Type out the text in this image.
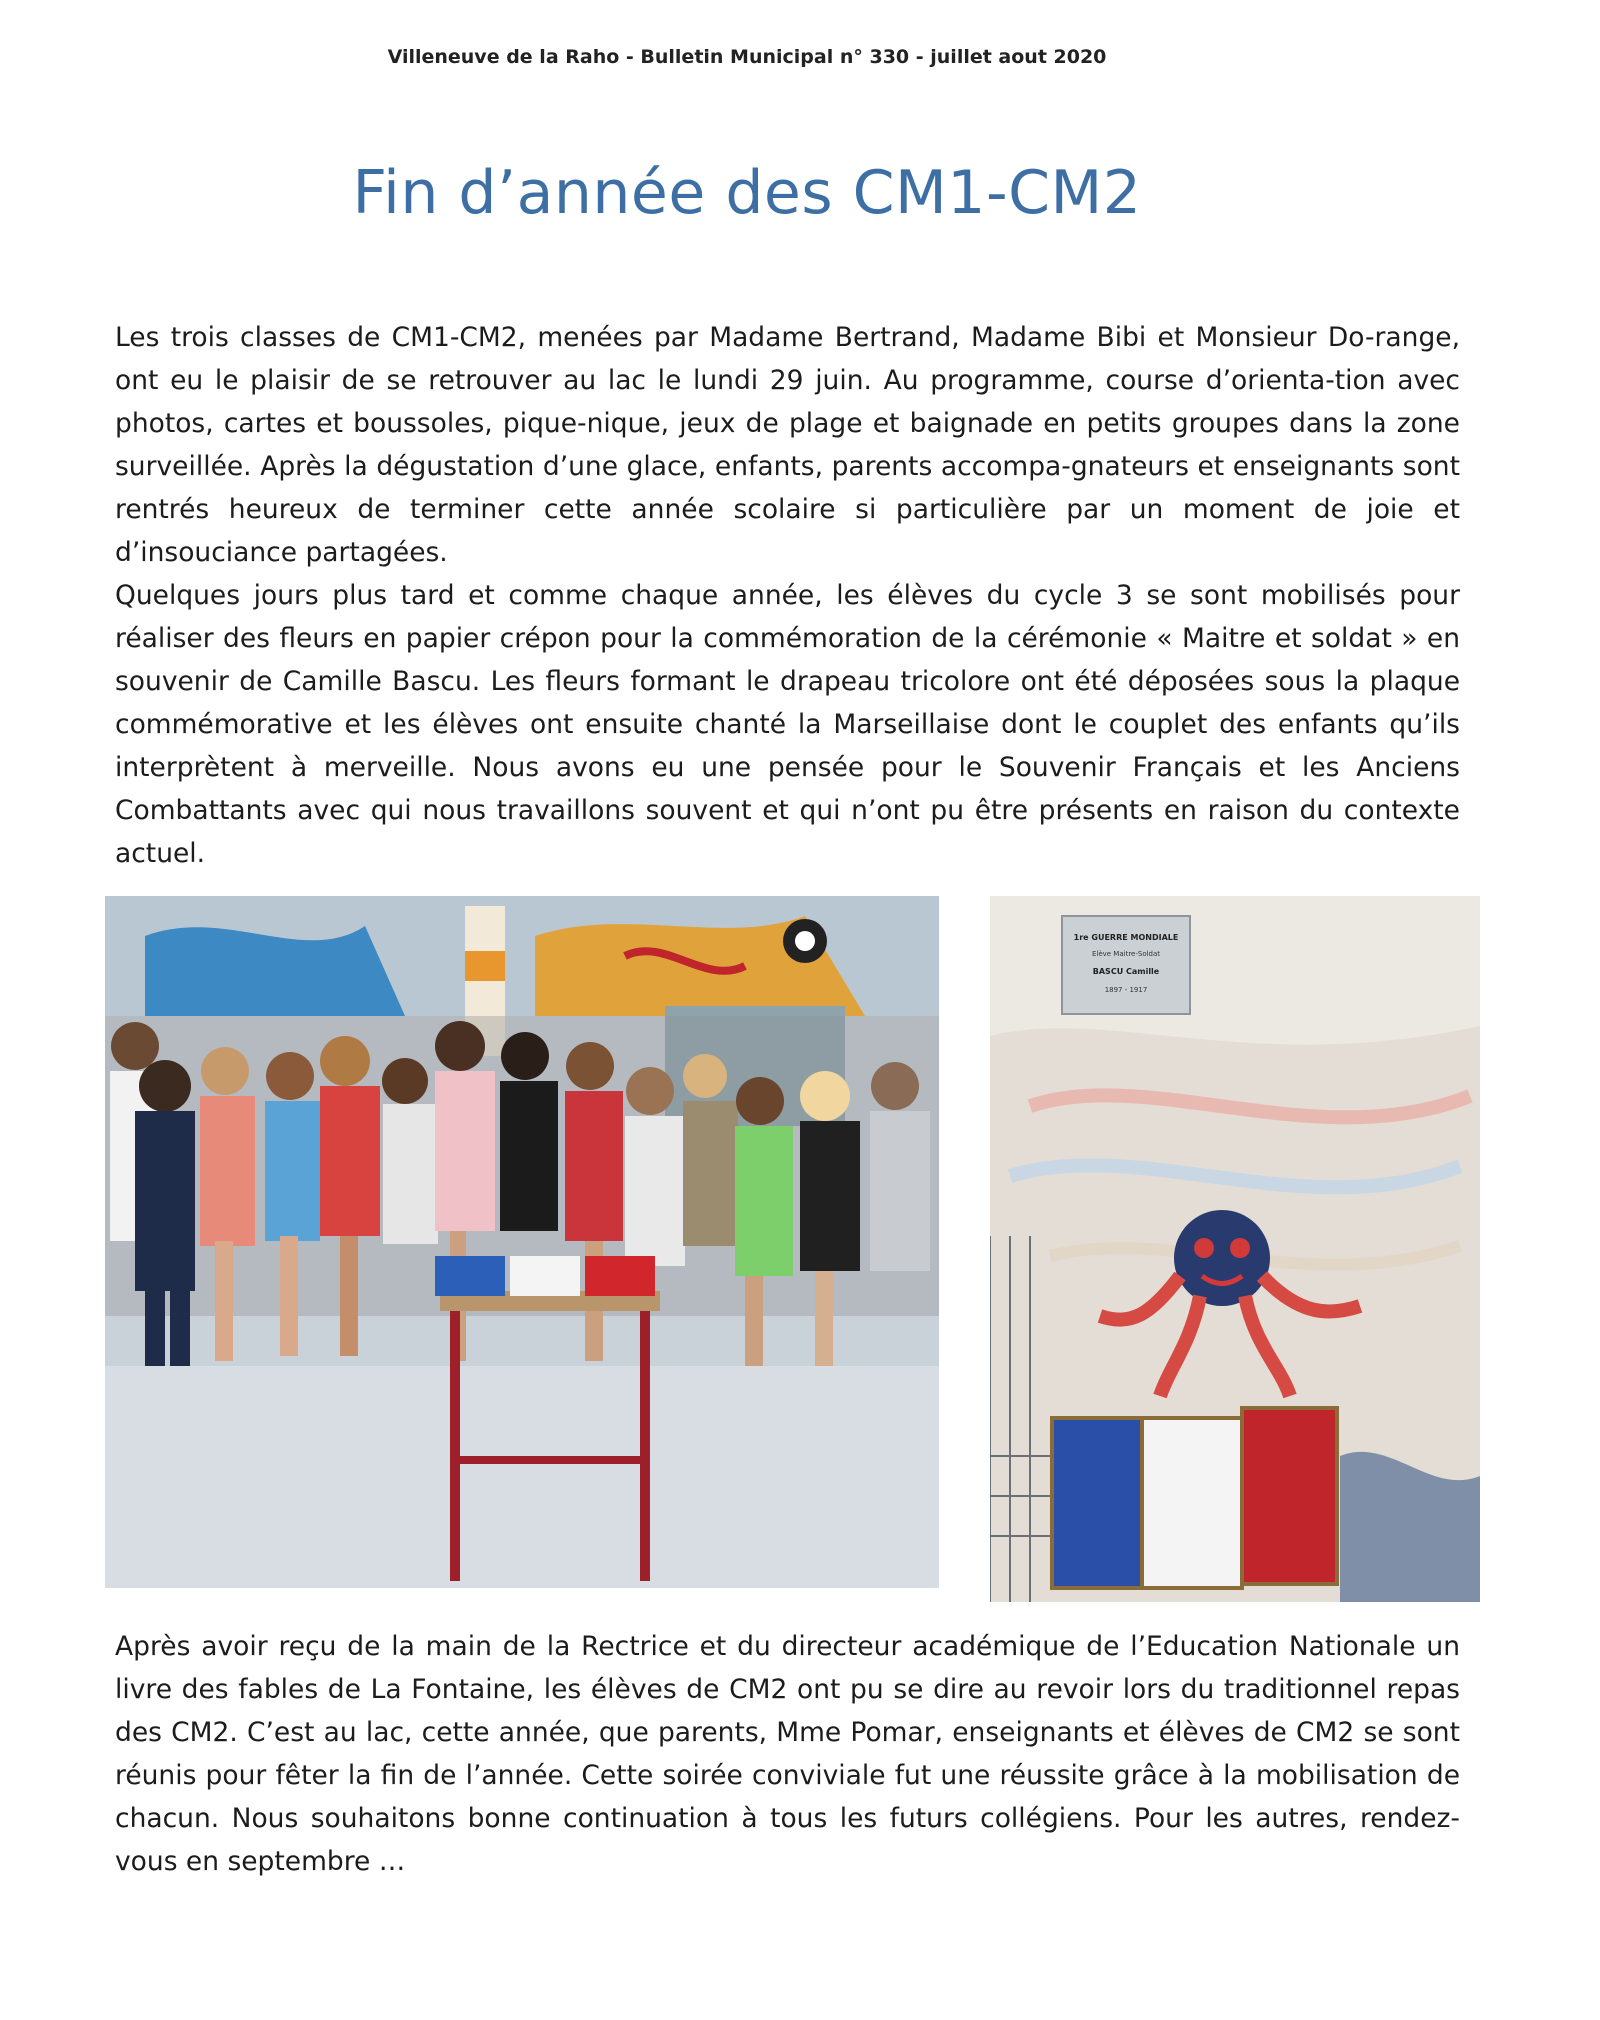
Villeneuve de la Raho - Bulletin Municipal n° 330 - juillet aout 2020
Fin d’année des CM1-CM2

Les trois classes de CM1-CM2, menées par Madame Bertrand, Madame Bibi et Monsieur Do-range, ont eu le plaisir de se retrouver au lac le lundi 29 juin. Au programme, course d’orienta-tion avec photos, cartes et boussoles, pique-nique, jeux de plage et baignade en petits groupes dans la zone surveillée. Après la dégustation d’une glace, enfants, parents accompa-gnateurs et enseignants sont rentrés heureux de terminer cette année scolaire si particulière par un moment de joie et d’insouciance partagées.

Quelques jours plus tard et comme chaque année, les élèves du cycle 3 se sont mobilisés pour réaliser des fleurs en papier crépon pour la commémoration de la cérémonie « Maitre et soldat » en souvenir de Camille Bascu. Les fleurs formant le drapeau tricolore ont été déposées sous la plaque commémorative et les élèves ont ensuite chanté la Marseillaise dont le couplet des enfants qu’ils interprètent à merveille. Nous avons eu une pensée pour le Souvenir Français et les Anciens Combattants avec qui nous travaillons souvent et qui n’ont pu être présents en raison du contexte actuel.

1re GUERRE MONDIALE
Elève Maitre-Soldat
BASCU Camille
1897 - 1917

Après avoir reçu de la main de la Rectrice et du directeur académique de l’Education Nationale un livre des fables de La Fontaine, les élèves de CM2 ont pu se dire au revoir lors du traditionnel repas des CM2. C’est au lac, cette année, que parents, Mme Pomar, enseignants et élèves de CM2 se sont réunis pour fêter la fin de l’année. Cette soirée conviviale fut une réussite grâce à la mobilisation de chacun. Nous souhaitons bonne continuation à tous les futurs collégiens. Pour les autres, rendez-vous en septembre …
